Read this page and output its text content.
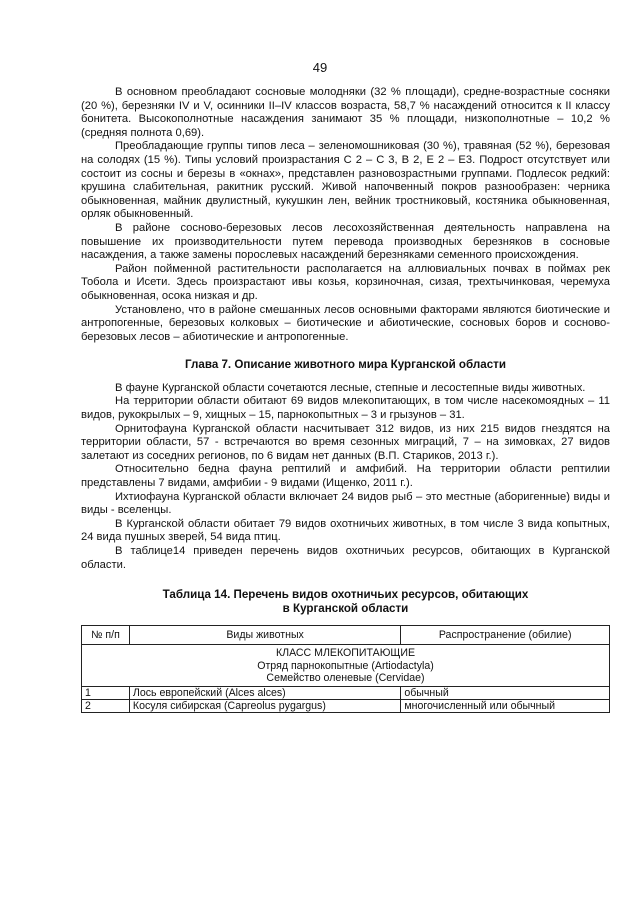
49

В основном преобладают сосновые молодняки (32 % площади), средне-возрастные сосняки (20 %), березняки IV и V, осинники II–IV классов возраста, 58,7 % насаждений относится к II классу бонитета. Высокополнотные насаждения занимают 35 % площади, низкополнотные – 10,2 % (средняя полнота 0,69).

Преобладающие группы типов леса – зеленомошниковая (30 %), травяная (52 %), березовая на солодях (15 %). Типы условий произрастания С 2 – С 3, В 2, Е 2 – Е3. Подрост отсутствует или состоит из сосны и березы в «окнах», представлен разновозрастными группами. Подлесок редкий: крушина слабительная, ракитник русский. Живой напочвенный покров разнообразен: черника обыкновенная, майник двулистный, кукушкин лен, вейник тростниковый, костяника обыкновенная, орляк обыкновенный.

В районе сосново-березовых лесов лесохозяйственная деятельность направлена на повышение их производительности путем перевода производных березняков в сосновые насаждения, а также замены порослевых насаждений березняками семенного происхождения.

Район пойменной растительности располагается на аллювиальных почвах в поймах рек Тобола и Исети. Здесь произрастают ивы козья, корзиночная, сизая, трехтычинковая, черемуха обыкновенная, осока низкая и др.

Установлено, что в районе смешанных лесов основными факторами являются биотические и антропогенные, березовых колковых – биотические и абиотические, сосновых боров и сосново-березовых лесов – абиотические и антропогенные.

Глава 7. Описание животного мира Курганской области

В фауне Курганской области сочетаются лесные, степные и лесостепные виды животных.

На территории области обитают 69 видов млекопитающих, в том числе насекомоядных – 11 видов, рукокрылых – 9, хищных – 15, парнокопытных – 3 и грызунов – 31.

Орнитофауна Курганской области насчитывает 312 видов, из них 215 видов гнездятся на территории области, 57 - встречаются во время сезонных миграций, 7 – на зимовках, 27 видов залетают из соседних регионов, по 6 видам нет данных (В.П. Стариков, 2013 г.).

Относительно бедна фауна рептилий и амфибий. На территории области рептилии представлены 7 видами, амфибии - 9 видами (Ищенко, 2011 г.).

Ихтиофауна Курганской области включает 24 видов рыб – это местные (аборигенные) виды и виды - вселенцы.

В Курганской области обитает 79 видов охотничьих животных, в том числе 3 вида копытных, 24 вида пушных зверей, 54 вида птиц.

В таблице14 приведен перечень видов охотничьих ресурсов, обитающих в Курганской области.

Таблица 14. Перечень видов охотничьих ресурсов, обитающих
в Курганской области
№ п/п	Виды животных	Распространение (обилие)

КЛАСС МЛЕКОПИТАЮЩИЕ
Отряд парнокопытные (Artiodactyla)
Семейство оленевые (Cervidae)		

1	Лось европейский (Alces alces)	обычный
2	Косуля сибирская (Capreolus pygargus)	многочисленный или обычный
